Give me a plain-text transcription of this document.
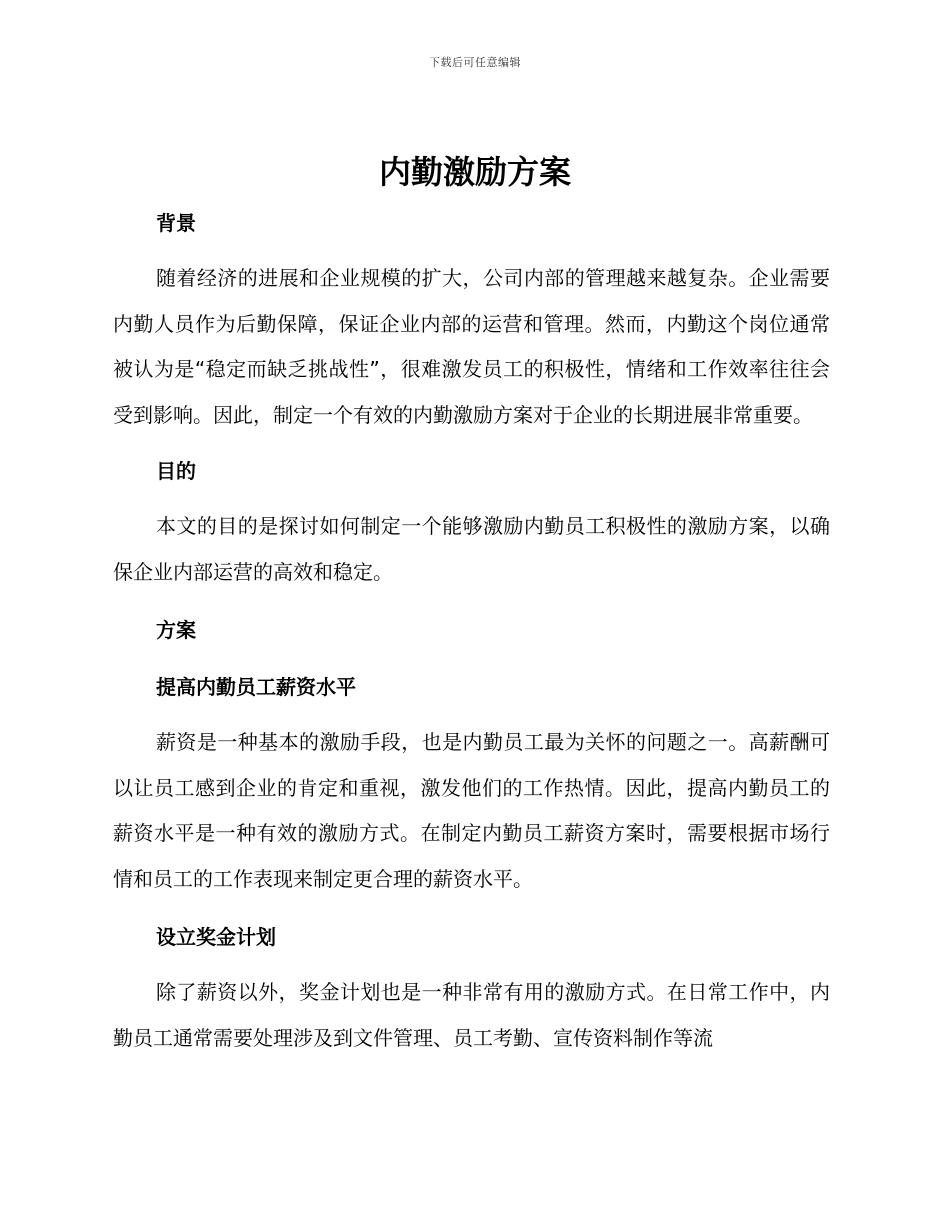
下载后可任意编辑
内勤激励方案
背景

随着经济的进展和企业规模的扩大，公司内部的管理越来越复杂。企业需要内勤人员作为后勤保障，保证企业内部的运营和管理。然而，内勤这个岗位通常被认为是“稳定而缺乏挑战性”，很难激发员工的积极性，情绪和工作效率往往会受到影响。因此，制定一个有效的内勤激励方案对于企业的长期进展非常重要。

目的

本文的目的是探讨如何制定一个能够激励内勤员工积极性的激励方案，以确保企业内部运营的高效和稳定。

方案
提高内勤员工薪资水平

薪资是一种基本的激励手段，也是内勤员工最为关怀的问题之一。高薪酬可以让员工感到企业的肯定和重视，激发他们的工作热情。因此，提高内勤员工的薪资水平是一种有效的激励方式。在制定内勤员工薪资方案时，需要根据市场行情和员工的工作表现来制定更合理的薪资水平。

设立奖金计划

除了薪资以外，奖金计划也是一种非常有用的激励方式。在日常工作中，内勤员工通常需要处理涉及到文件管理、员工考勤、宣传资料制作等流
